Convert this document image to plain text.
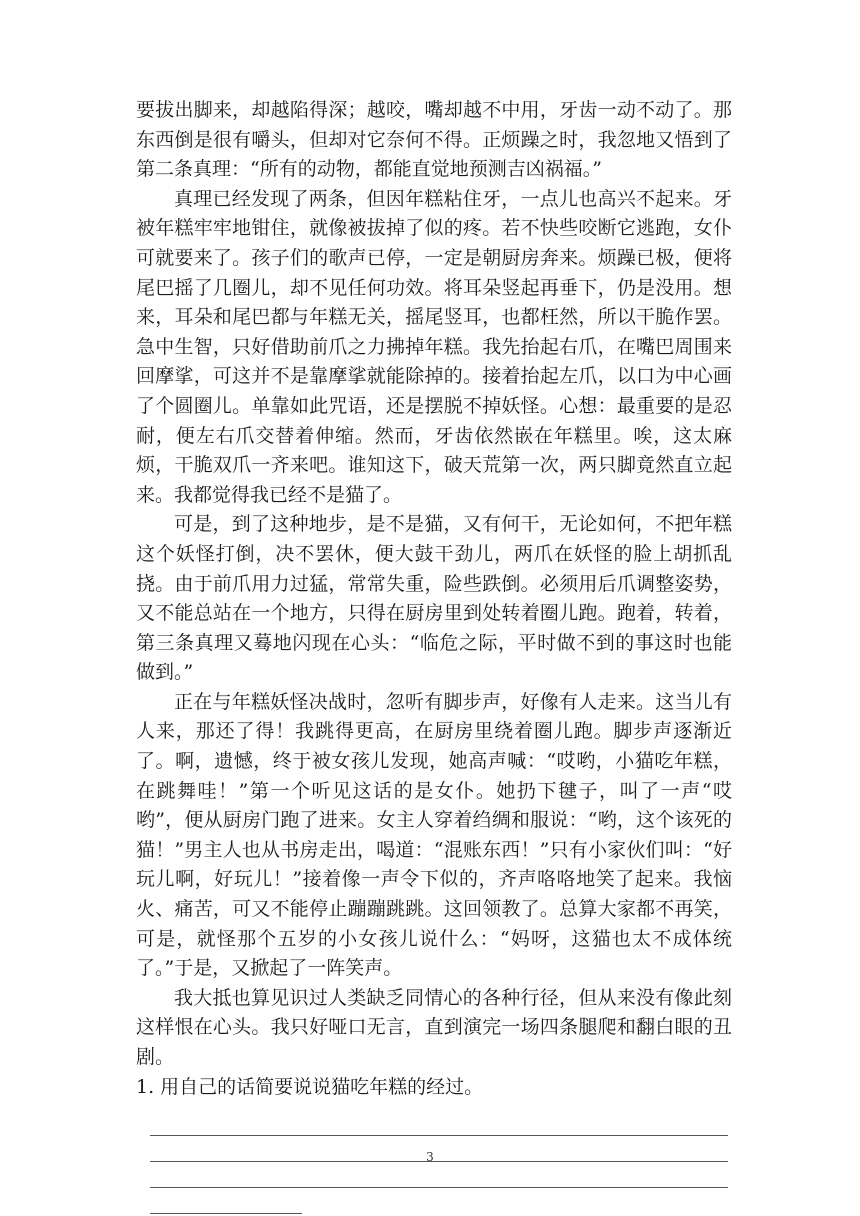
要拔出脚来，却越陷得深；越咬，嘴却越不中用，牙齿一动不动了。那东西倒是很有嚼头，但却对它奈何不得。正烦躁之时，我忽地又悟到了第二条真理：“所有的动物，都能直觉地预测吉凶祸福。”

真理已经发现了两条，但因年糕粘住牙，一点儿也高兴不起来。牙被年糕牢牢地钳住，就像被拔掉了似的疼。若不快些咬断它逃跑，女仆可就要来了。孩子们的歌声已停，一定是朝厨房奔来。烦躁已极，便将尾巴摇了几圈儿，却不见任何功效。将耳朵竖起再垂下，仍是没用。想来，耳朵和尾巴都与年糕无关，摇尾竖耳，也都枉然，所以干脆作罢。急中生智，只好借助前爪之力拂掉年糕。我先抬起右爪，在嘴巴周围来回摩挲，可这并不是靠摩挲就能除掉的。接着抬起左爪，以口为中心画了个圆圈儿。单靠如此咒语，还是摆脱不掉妖怪。心想：最重要的是忍耐，便左右爪交替着伸缩。然而，牙齿依然嵌在年糕里。唉，这太麻烦，干脆双爪一齐来吧。谁知这下，破天荒第一次，两只脚竟然直立起来。我都觉得我已经不是猫了。

可是，到了这种地步，是不是猫，又有何干，无论如何，不把年糕这个妖怪打倒，决不罢休，便大鼓干劲儿，两爪在妖怪的脸上胡抓乱挠。由于前爪用力过猛，常常失重，险些跌倒。必须用后爪调整姿势，又不能总站在一个地方，只得在厨房里到处转着圈儿跑。跑着，转着，第三条真理又蓦地闪现在心头：“临危之际，平时做不到的事这时也能做到。”

正在与年糕妖怪决战时，忽听有脚步声，好像有人走来。这当儿有人来，那还了得！我跳得更高，在厨房里绕着圈儿跑。脚步声逐渐近了。啊，遗憾，终于被女孩儿发现，她高声喊：“哎哟，小猫吃年糕，在跳舞哇！”第一个听见这话的是女仆。她扔下毽子，叫了一声“哎哟”，便从厨房门跑了进来。女主人穿着绉绸和服说：“哟，这个该死的猫！”男主人也从书房走出，喝道：“混账东西！”只有小家伙们叫：“好玩儿啊，好玩儿！”接着像一声令下似的，齐声咯咯地笑了起来。我恼火、痛苦，可又不能停止蹦蹦跳跳。这回领教了。总算大家都不再笑，可是，就怪那个五岁的小女孩儿说什么：“妈呀，这猫也太不成体统了。”于是，又掀起了一阵笑声。

我大抵也算见识过人类缺乏同情心的各种行径，但从来没有像此刻这样恨在心头。我只好哑口无言，直到演完一场四条腿爬和翻白眼的丑剧。

1. 用自己的话简要说说猫吃年糕的经过。

3
